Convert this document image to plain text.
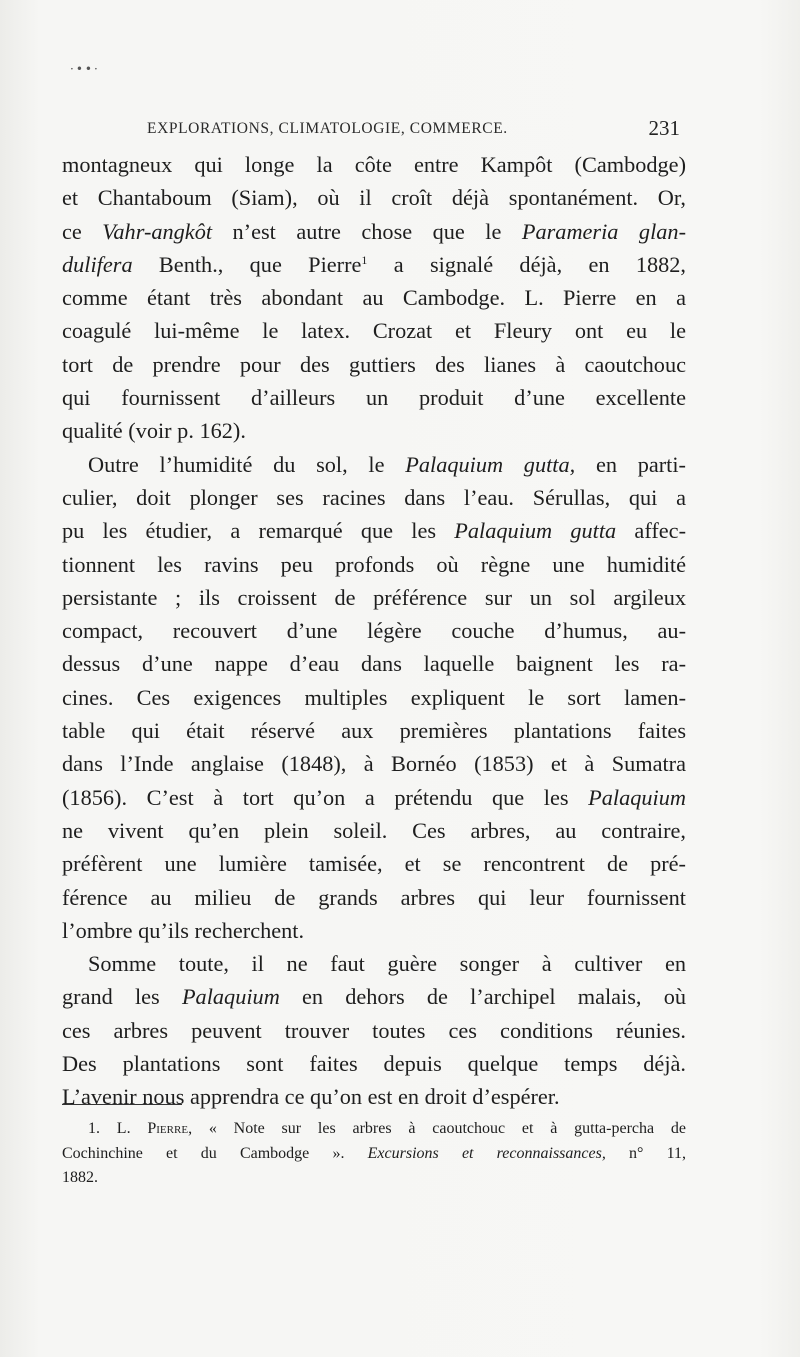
·••·
EXPLORATIONS, CLIMATOLOGIE, COMMERCE.	231
montagneux qui longe la côte entre Kampôt (Cambodge)
et Chantaboum (Siam), où il croît déjà spontanément. Or,
ce Vahr-angkôt n’est autre chose que le Parameria glan-
dulifera Benth., que Pierre$^1$ a signalé déjà, en 1882,
comme étant très abondant au Cambodge. L. Pierre en a
coagulé lui-même le latex. Crozat et Fleury ont eu le
tort de prendre pour des guttiers des lianes à caoutchouc
qui fournissent d’ailleurs un produit d’une excellente
qualité (voir p. 162).
Outre l’humidité du sol, le Palaquium gutta, en parti-
culier, doit plonger ses racines dans l’eau. Sérullas, qui a
pu les étudier, a remarqué que les Palaquium gutta affec-
tionnent les ravins peu profonds où règne une humidité
persistante ; ils croissent de préférence sur un sol argileux
compact, recouvert d’une légère couche d’humus, au-
dessus d’une nappe d’eau dans laquelle baignent les ra-
cines. Ces exigences multiples expliquent le sort lamen-
table qui était réservé aux premières plantations faites
dans l’Inde anglaise (1848), à Bornéo (1853) et à Sumatra
(1856). C’est à tort qu’on a prétendu que les Palaquium
ne vivent qu’en plein soleil. Ces arbres, au contraire,
préfèrent une lumière tamisée, et se rencontrent de pré-
férence au milieu de grands arbres qui leur fournissent
l’ombre qu’ils recherchent.
Somme toute, il ne faut guère songer à cultiver en
grand les Palaquium en dehors de l’archipel malais, où
ces arbres peuvent trouver toutes ces conditions réunies.
Des plantations sont faites depuis quelque temps déjà.
L’avenir nous apprendra ce qu’on est en droit d’espérer.
1. L. Pierre, « Note sur les arbres à caoutchouc et à gutta-percha de
Cochinchine et du Cambodge ». Excursions et reconnaissances, n° 11,
1882.
